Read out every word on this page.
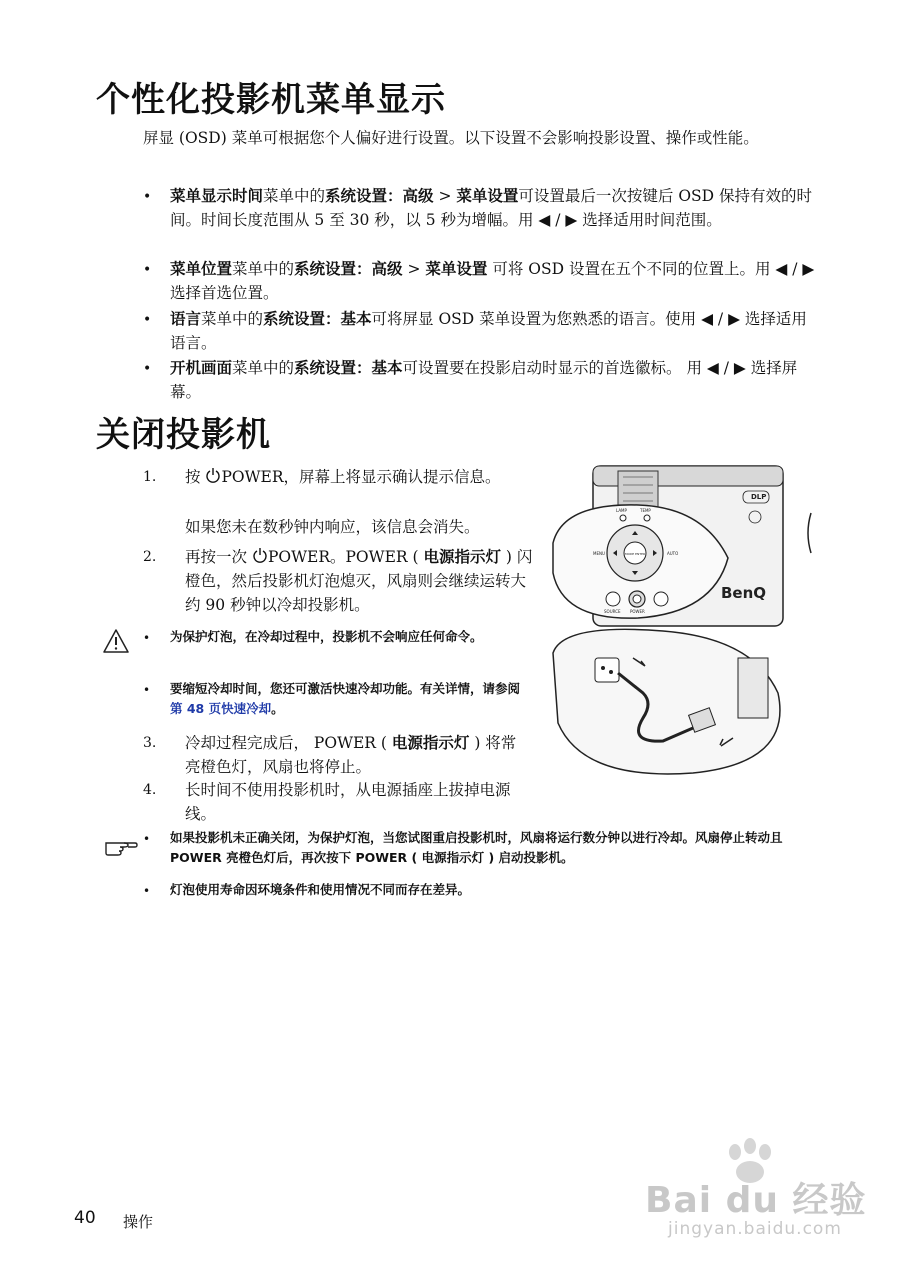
个性化投影机菜单显示
屏显 (OSD) 菜单可根据您个人偏好进行设置。以下设置不会影响投影设置、操作或性能。
• 菜单显示时间菜单中的系统设置：高级 > 菜单设置可设置最后一次按键后 OSD 保持有效的时间。时间长度范围从 5 至 30 秒，以 5 秒为增幅。用 ◀ / ▶ 选择适用时间范围。
• 菜单位置菜单中的系统设置：高级 > 菜单设置 可将 OSD 设置在五个不同的位置上。用 ◀ / ▶ 选择首选位置。
• 语言菜单中的系统设置：基本可将屏显 OSD 菜单设置为您熟悉的语言。使用 ◀ / ▶ 选择适用语言。
• 开机画面菜单中的系统设置：基本可设置要在投影启动时显示的首选徽标。 用 ◀ / ▶ 选择屏幕。
关闭投影机
1. 按 POWER，屏幕上将显示确认提示信息。
如果您未在数秒钟内响应，该信息会消失。
2. 再按一次 POWER。POWER ( 电源指示灯 ) 闪橙色，然后投影机灯泡熄灭，风扇则会继续运转大约 90 秒钟以冷却投影机。
• 为保护灯泡，在冷却过程中，投影机不会响应任何命令。
• 要缩短冷却时间，您还可激活快速冷却功能。有关详情，请参阅第 48 页快速冷却。
3. 冷却过程完成后， POWER ( 电源指示灯 ) 将常亮橙色灯，风扇也将停止。
4. 长时间不使用投影机时，从电源插座上拔掉电源线。
• 如果投影机未正确关闭，为保护灯泡，当您试图重启投影机时，风扇将运行数分钟以进行冷却。风扇停止转动且 POWER 亮橙色灯后，再次按下 POWER ( 电源指示灯 ) 启动投影机。
• 灯泡使用寿命因环境条件和使用情况不同而存在差异。
DLP
BenQ
MODE ENTER
MENU	AUTO
LAMP	TEMP
SOURCE POWER
40 操作
Bai du 经验
jingyan.baidu.com
